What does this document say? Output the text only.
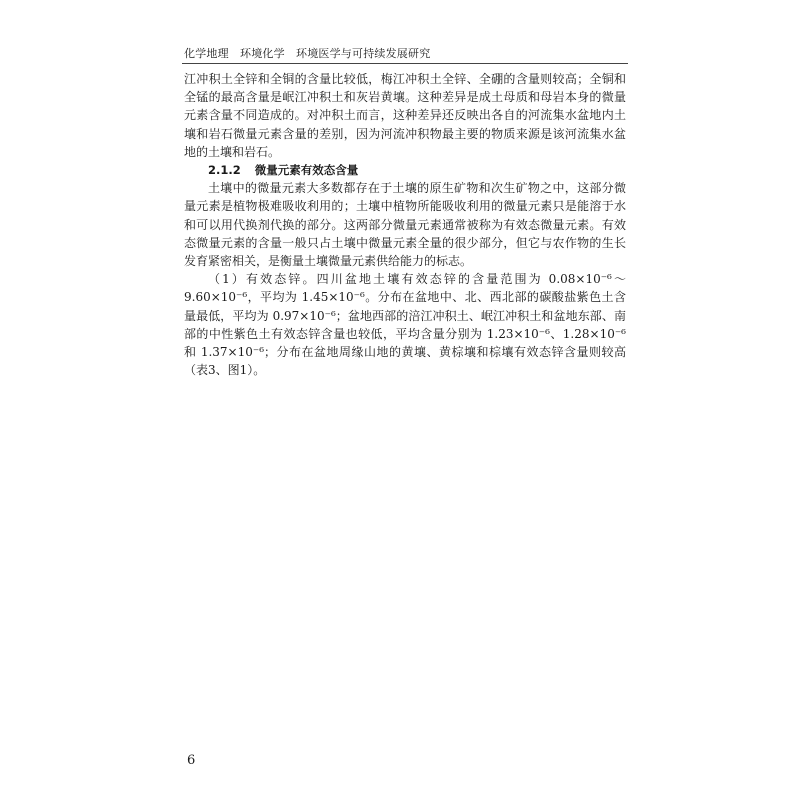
化学地理　环境化学　环境医学与可持续发展研究

江冲积土全锌和全铜的含量比较低，梅江冲积土全锌、全硼的含量则较高；全铜和全锰的最高含量是岷江冲积土和灰岩黄壤。这种差异是成土母质和母岩本身的微量元素含量不同造成的。对冲积土而言，这种差异还反映出各自的河流集水盆地内土壤和岩石微量元素含量的差别，因为河流冲积物最主要的物质来源是该河流集水盆地的土壤和岩石。

2.1.2 微量元素有效态含量

土壤中的微量元素大多数都存在于土壤的原生矿物和次生矿物之中，这部分微量元素是植物极难吸收利用的；土壤中植物所能吸收利用的微量元素只是能溶于水和可以用代换剂代换的部分。这两部分微量元素通常被称为有效态微量元素。有效态微量元素的含量一般只占土壤中微量元素全量的很少部分，但它与农作物的生长发育紧密相关，是衡量土壤微量元素供给能力的标志。

（1）有效态锌。四川盆地土壤有效态锌的含量范围为 0.08×10⁻⁶～9.60×10⁻⁶，平均为 1.45×10⁻⁶。分布在盆地中、北、西北部的碳酸盐紫色土含量最低，平均为 0.97×10⁻⁶；盆地西部的涪江冲积土、岷江冲积土和盆地东部、南部的中性紫色土有效态锌含量也较低，平均含量分别为 1.23×10⁻⁶、1.28×10⁻⁶和 1.37×10⁻⁶；分布在盆地周缘山地的黄壤、黄棕壤和棕壤有效态锌含量则较高（表3、图1）。

6
